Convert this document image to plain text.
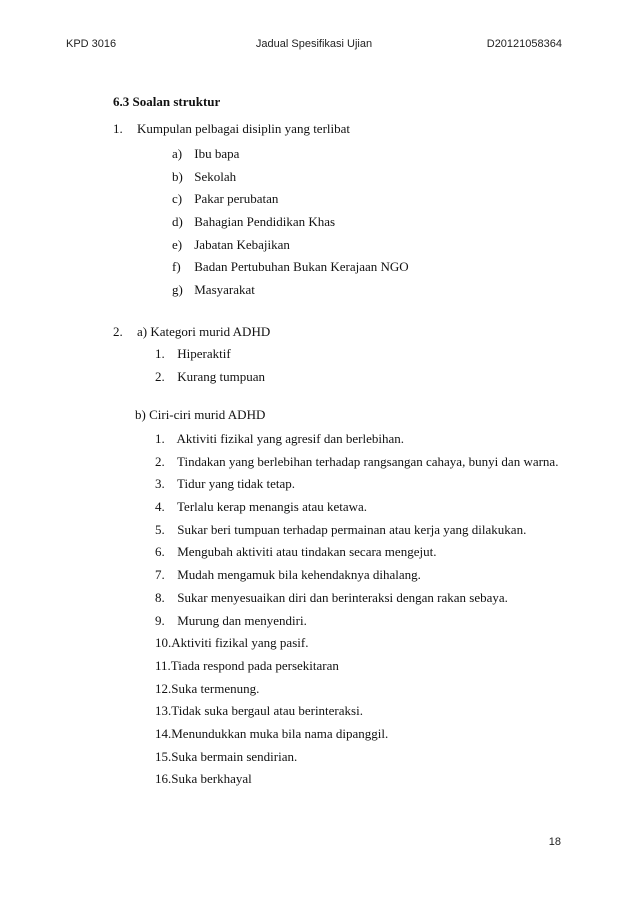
KPD 3016	Jadual Spesifikasi Ujian	D20121058364
6.3 Soalan struktur
1. Kumpulan pelbagai disiplin yang terlibat
a) Ibu bapa
b) Sekolah
c) Pakar perubatan
d) Bahagian Pendidikan Khas
e) Jabatan Kebajikan
f) Badan Pertubuhan Bukan Kerajaan NGO
g) Masyarakat
2. a) Kategori murid ADHD
1. Hiperaktif
2. Kurang tumpuan
b) Ciri-ciri murid ADHD
1. Aktiviti fizikal yang agresif dan berlebihan.
2. Tindakan yang berlebihan terhadap rangsangan cahaya, bunyi dan warna.
3. Tidur yang tidak tetap.
4. Terlalu kerap menangis atau ketawa.
5. Sukar beri tumpuan terhadap permainan atau kerja yang dilakukan.
6. Mengubah aktiviti atau tindakan secara mengejut.
7. Mudah mengamuk bila kehendaknya dihalang.
8. Sukar menyesuaikan diri dan berinteraksi dengan rakan sebaya.
9. Murung dan menyendiri.
10.Aktiviti fizikal yang pasif.
11.Tiada respond pada persekitaran
12.Suka termenung.
13.Tidak suka bergaul atau berinteraksi.
14.Menundukkan muka bila nama dipanggil.
15.Suka bermain sendirian.
16.Suka berkhayal
18
